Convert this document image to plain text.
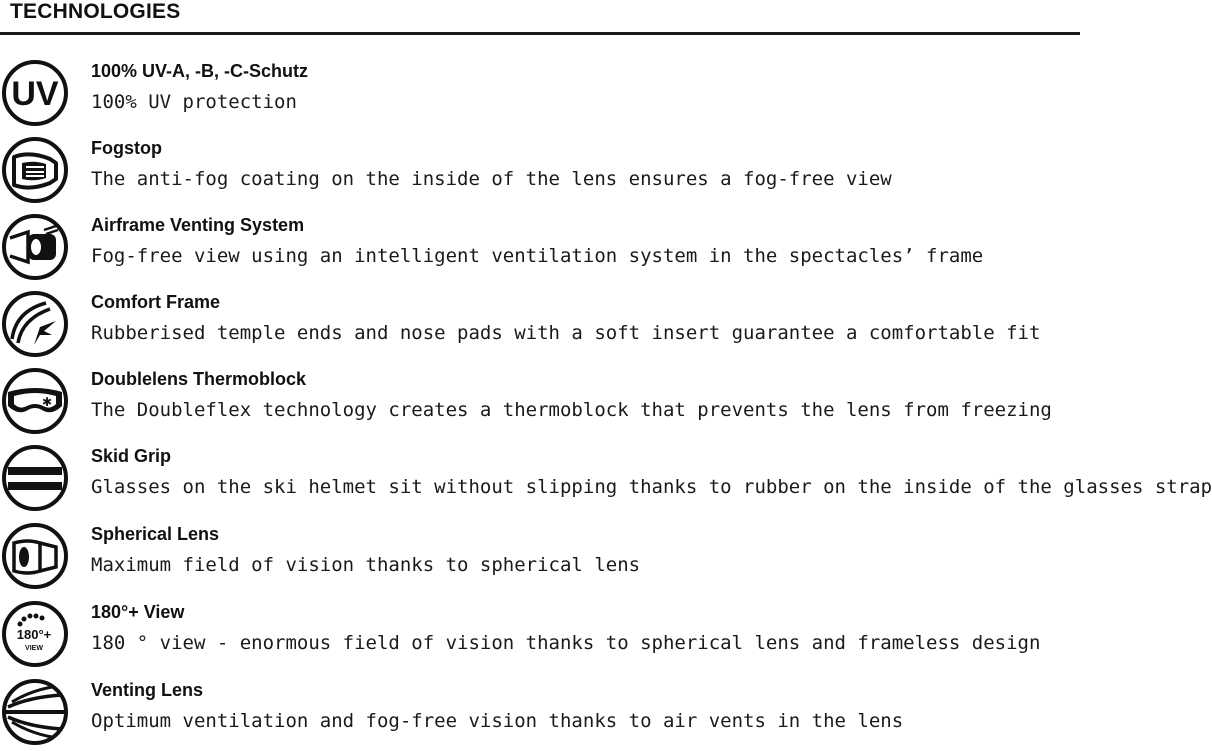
TECHNOLOGIES
UV
100% UV-A, -B, -C-Schutz
100% UV protection
Fogstop
The anti-fog coating on the inside of the lens ensures a fog-free view
Airframe Venting System
Fog-free view using an intelligent ventilation system in the spectacles’ frame
Comfort Frame
Rubberised temple ends and nose pads with a soft insert guarantee a comfortable fit
✱
Doublelens Thermoblock
The Doubleflex technology creates a thermoblock that prevents the lens from freezing
Skid Grip
Glasses on the ski helmet sit without slipping thanks to rubber on the inside of the glasses strap
Spherical Lens
Maximum field of vision thanks to spherical lens
180°+
VIEW
180°+ View
180 ° view - enormous field of vision thanks to spherical lens and frameless design
Venting Lens
Optimum ventilation and fog-free vision thanks to air vents in the lens
